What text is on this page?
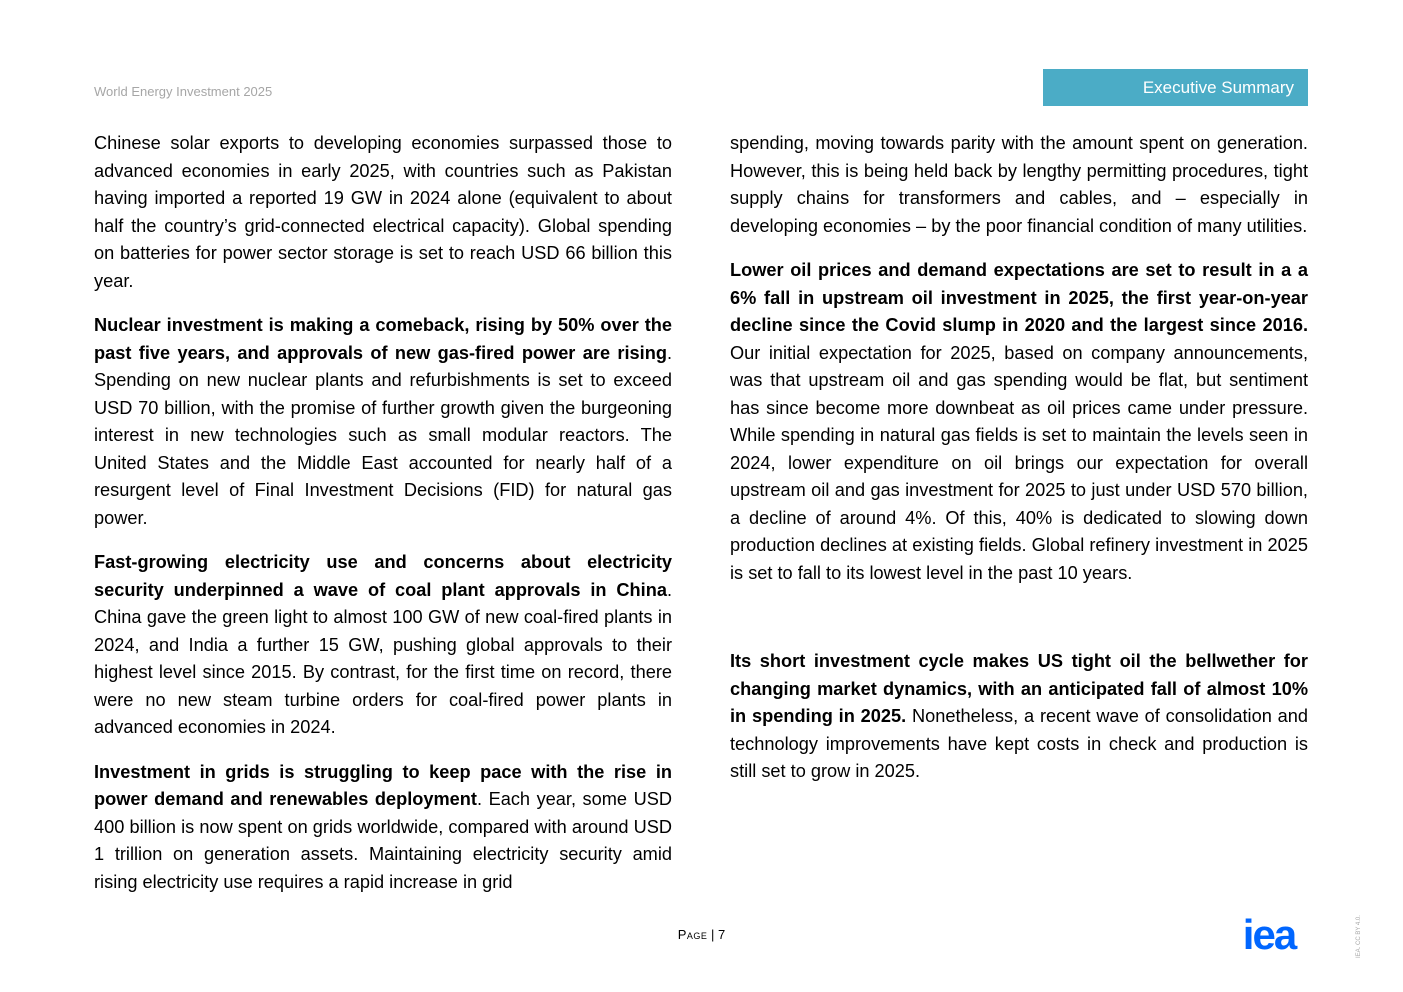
World Energy Investment 2025	Executive Summary

Chinese solar exports to developing economies surpassed those to advanced economies in early 2025, with countries such as Pakistan having imported a reported 19 GW in 2024 alone (equivalent to about half the country’s grid-connected electrical capacity). Global spending on batteries for power sector storage is set to reach USD 66 billion this year.

Nuclear investment is making a comeback, rising by 50% over the past five years, and approvals of new gas-fired power are rising. Spending on new nuclear plants and refurbishments is set to exceed USD 70 billion, with the promise of further growth given the burgeoning interest in new technologies such as small modular reactors. The United States and the Middle East accounted for nearly half of a resurgent level of Final Investment Decisions (FID) for natural gas power.

Fast-growing electricity use and concerns about electricity security underpinned a wave of coal plant approvals in China. China gave the green light to almost 100 GW of new coal-fired plants in 2024, and India a further 15 GW, pushing global approvals to their highest level since 2015. By contrast, for the first time on record, there were no new steam turbine orders for coal-fired power plants in advanced economies in 2024.

Investment in grids is struggling to keep pace with the rise in power demand and renewables deployment. Each year, some USD 400 billion is now spent on grids worldwide, compared with around USD 1 trillion on generation assets. Maintaining electricity security amid rising electricity use requires a rapid increase in grid

spending, moving towards parity with the amount spent on generation. However, this is being held back by lengthy permitting procedures, tight supply chains for transformers and cables, and – especially in developing economies – by the poor financial condition of many utilities.

Lower oil prices and demand expectations are set to result in a a 6% fall in upstream oil investment in 2025, the first year-on-year decline since the Covid slump in 2020 and the largest since 2016. Our initial expectation for 2025, based on company announcements, was that upstream oil and gas spending would be flat, but sentiment has since become more downbeat as oil prices came under pressure. While spending in natural gas fields is set to maintain the levels seen in 2024, lower expenditure on oil brings our expectation for overall upstream oil and gas investment for 2025 to just under USD 570 billion, a decline of around 4%. Of this, 40% is dedicated to slowing down production declines at existing fields. Global refinery investment in 2025 is set to fall to its lowest level in the past 10 years.

Its short investment cycle makes US tight oil the bellwether for changing market dynamics, with an anticipated fall of almost 10% in spending in 2025. Nonetheless, a recent wave of consolidation and technology improvements have kept costs in check and production is still set to grow in 2025.

Page | 7	iea	IEA. CC BY 4.0.
